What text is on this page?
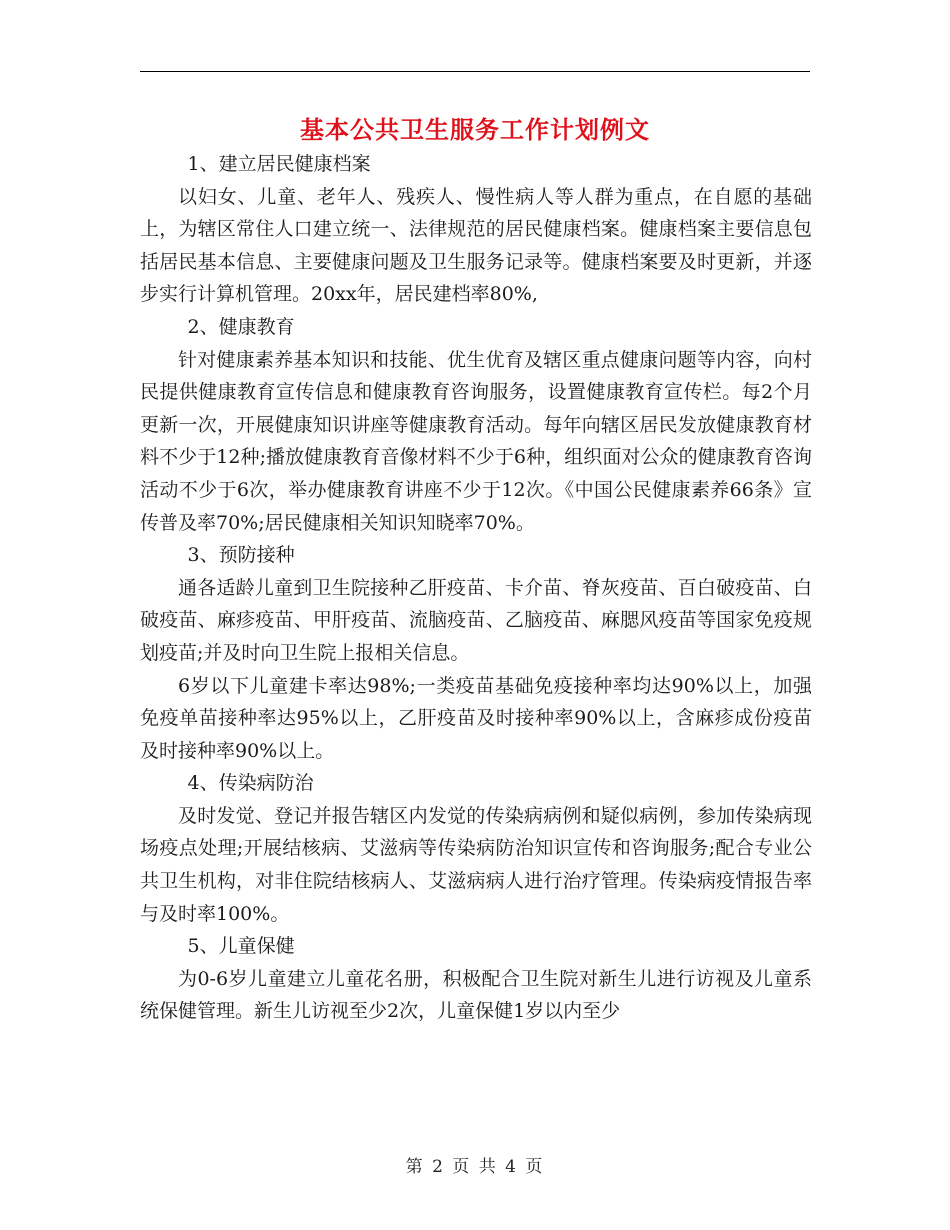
基本公共卫生服务工作计划例文

1、建立居民健康档案

以妇女、儿童、老年人、残疾人、慢性病人等人群为重点，在自愿的基础上，为辖区常住人口建立统一、法律规范的居民健康档案。健康档案主要信息包括居民基本信息、主要健康问题及卫生服务记录等。健康档案要及时更新，并逐步实行计算机管理。20xx年，居民建档率80%,

2、健康教育

针对健康素养基本知识和技能、优生优育及辖区重点健康问题等内容，向村民提供健康教育宣传信息和健康教育咨询服务，设置健康教育宣传栏。每2个月更新一次，开展健康知识讲座等健康教育活动。每年向辖区居民发放健康教育材料不少于12种;播放健康教育音像材料不少于6种，组织面对公众的健康教育咨询活动不少于6次，举办健康教育讲座不少于12次。《中国公民健康素养66条》宣传普及率70%;居民健康相关知识知晓率70%。

3、预防接种

通各适龄儿童到卫生院接种乙肝疫苗、卡介苗、脊灰疫苗、百白破疫苗、白破疫苗、麻疹疫苗、甲肝疫苗、流脑疫苗、乙脑疫苗、麻腮风疫苗等国家免疫规划疫苗;并及时向卫生院上报相关信息。

6岁以下儿童建卡率达98%;一类疫苗基础免疫接种率均达90%以上，加强免疫单苗接种率达95%以上，乙肝疫苗及时接种率90%以上，含麻疹成份疫苗及时接种率90%以上。

4、传染病防治

及时发觉、登记并报告辖区内发觉的传染病病例和疑似病例，参加传染病现场疫点处理;开展结核病、艾滋病等传染病防治知识宣传和咨询服务;配合专业公共卫生机构，对非住院结核病人、艾滋病病人进行治疗管理。传染病疫情报告率与及时率100%。

5、儿童保健

为0-6岁儿童建立儿童花名册，积极配合卫生院对新生儿进行访视及儿童系统保健管理。新生儿访视至少2次，儿童保健1岁以内至少

第 2 页 共 4 页
